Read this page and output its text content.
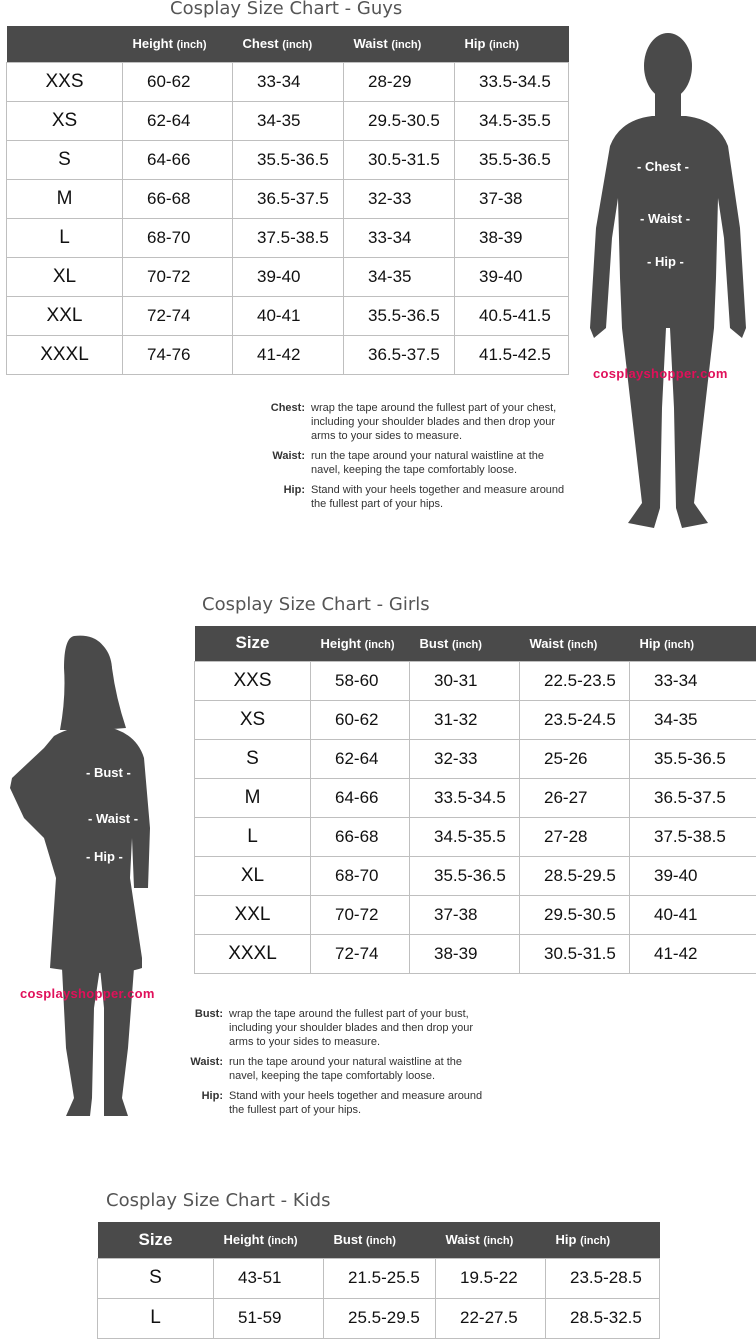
Cosplay Size Chart - Guys
	Height (inch)	Chest (inch)	Waist (inch)	Hip (inch)
XXS	60-62	33-34	28-29	33.5-34.5
XS	62-64	34-35	29.5-30.5	34.5-35.5
S	64-66	35.5-36.5	30.5-31.5	35.5-36.5
M	66-68	36.5-37.5	32-33	37-38
L	68-70	37.5-38.5	33-34	38-39
XL	70-72	39-40	34-35	39-40
XXL	72-74	40-41	35.5-36.5	40.5-41.5
XXXL	74-76	41-42	36.5-37.5	41.5-42.5
Chest: wrap the tape around the fullest part of your chest, including your shoulder blades and then drop your arms to your sides to measure.
Waist: run the tape around your natural waistline at the navel, keeping the tape comfortably loose.
Hip: Stand with your heels together and measure around the fullest part of your hips.
- Chest -
- Waist -
- Hip -
cosplayshopper.com
Cosplay Size Chart - Girls
Size	Height (inch)	Bust (inch)	Waist (inch)	Hip (inch)
XXS	58-60	30-31	22.5-23.5	33-34
XS	60-62	31-32	23.5-24.5	34-35
S	62-64	32-33	25-26	35.5-36.5
M	64-66	33.5-34.5	26-27	36.5-37.5
L	66-68	34.5-35.5	27-28	37.5-38.5
XL	68-70	35.5-36.5	28.5-29.5	39-40
XXL	70-72	37-38	29.5-30.5	40-41
XXXL	72-74	38-39	30.5-31.5	41-42
Bust: wrap the tape around the fullest part of your bust, including your shoulder blades and then drop your arms to your sides to measure.
Waist: run the tape around your natural waistline at the navel, keeping the tape comfortably loose.
Hip: Stand with your heels together and measure around the fullest part of your hips.
- Bust -
- Waist -
- Hip -
cosplayshopper.com
Cosplay Size Chart - Kids
Size	Height (inch)	Bust (inch)	Waist (inch)	Hip (inch)
S	43-51	21.5-25.5	19.5-22	23.5-28.5
L	51-59	25.5-29.5	22-27.5	28.5-32.5
